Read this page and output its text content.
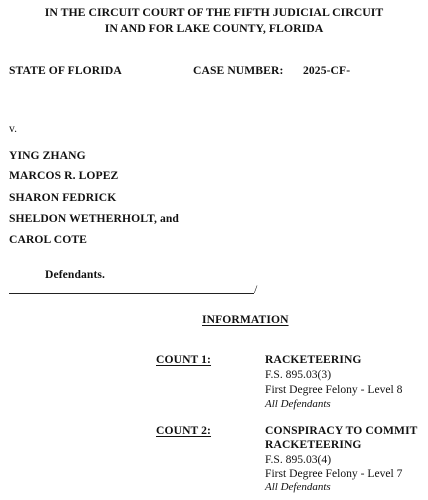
IN THE CIRCUIT COURT OF THE FIFTH JUDICIAL CIRCUIT
IN AND FOR LAKE COUNTY, FLORIDA
STATE OF FLORIDA	CASE NUMBER: 2025-CF-
v.
YING ZHANG
MARCOS R. LOPEZ
SHARON FEDRICK
SHELDON WETHERHOLT, and
CAROL COTE
Defendants.
/
INFORMATION
COUNT 1:	RACKETEERING
F.S. 895.03(3)
First Degree Felony - Level 8
All Defendants
COUNT 2:	CONSPIRACY TO COMMIT
RACKETEERING
F.S. 895.03(4)
First Degree Felony - Level 7
All Defendants
